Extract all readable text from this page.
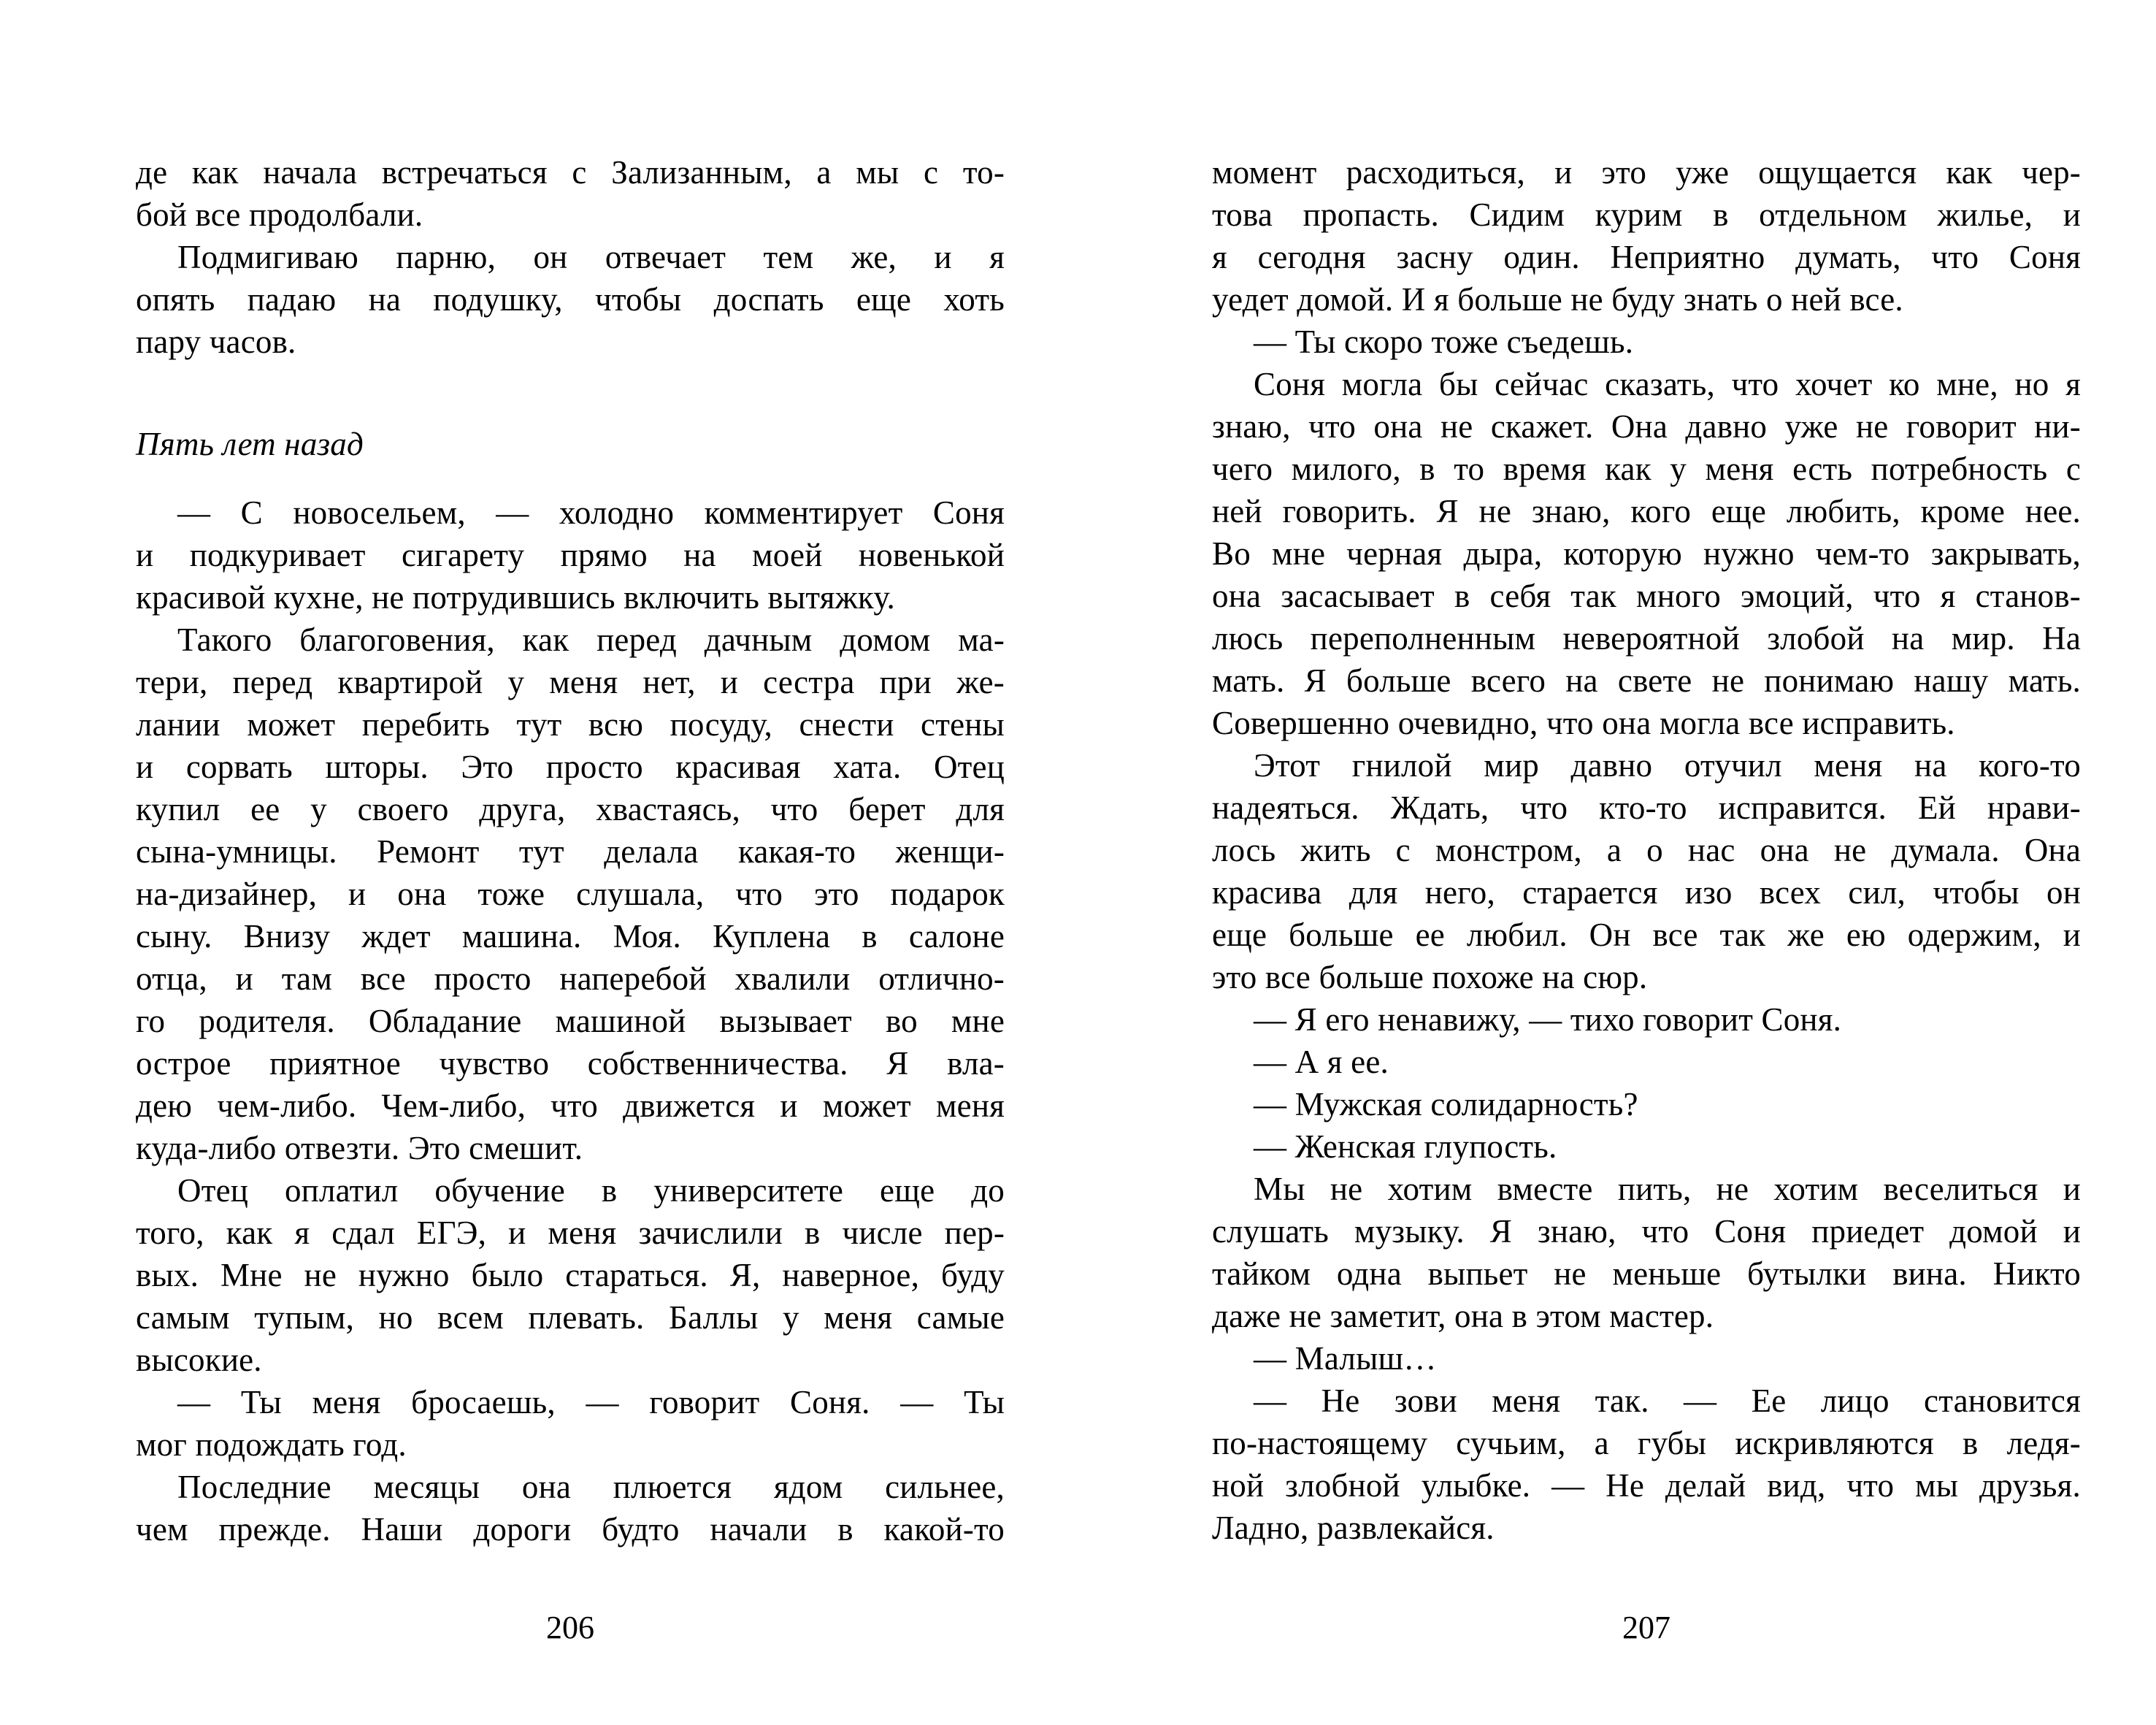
де как начала встречаться с Зализанным, а мы с то-
бой все продолбали.
Подмигиваю парню, он отвечает тем же, и я
опять падаю на подушку, чтобы доспать еще хоть
пару часов.
Пять лет назад
— С новосельем, — холодно комментирует Соня
и подкуривает сигарету прямо на моей новенькой
красивой кухне, не потрудившись включить вытяжку.
Такого благоговения, как перед дачным домом ма-
тери, перед квартирой у меня нет, и сестра при же-
лании может перебить тут всю посуду, снести стены
и сорвать шторы. Это просто красивая хата. Отец
купил ее у своего друга, хвастаясь, что берет для
сына-умницы. Ремонт тут делала какая-то женщи-
на-дизайнер, и она тоже слушала, что это подарок
сыну. Внизу ждет машина. Моя. Куплена в салоне
отца, и там все просто наперебой хвалили отлично-
го родителя. Обладание машиной вызывает во мне
острое приятное чувство собственничества. Я вла-
дею чем-либо. Чем-либо, что движется и может меня
куда-либо отвезти. Это смешит.
Отец оплатил обучение в университете еще до
того, как я сдал ЕГЭ, и меня зачислили в числе пер-
вых. Мне не нужно было стараться. Я, наверное, буду
самым тупым, но всем плевать. Баллы у меня самые
высокие.
— Ты меня бросаешь, — говорит Соня. — Ты
мог подождать год.
Последние месяцы она плюется ядом сильнее,
чем прежде. Наши дороги будто начали в какой-то
момент расходиться, и это уже ощущается как чер-
това пропасть. Сидим курим в отдельном жилье, и
я сегодня засну один. Неприятно думать, что Соня
уедет домой. И я больше не буду знать о ней все.
— Ты скоро тоже съедешь.
Соня могла бы сейчас сказать, что хочет ко мне, но я
знаю, что она не скажет. Она давно уже не говорит ни-
чего милого, в то время как у меня есть потребность с
ней говорить. Я не знаю, кого еще любить, кроме нее.
Во мне черная дыра, которую нужно чем-то закрывать,
она засасывает в себя так много эмоций, что я станов-
люсь переполненным невероятной злобой на мир. На
мать. Я больше всего на свете не понимаю нашу мать.
Совершенно очевидно, что она могла все исправить.
Этот гнилой мир давно отучил меня на кого-то
надеяться. Ждать, что кто-то исправится. Ей нрави-
лось жить с монстром, а о нас она не думала. Она
красива для него, старается изо всех сил, чтобы он
еще больше ее любил. Он все так же ею одержим, и
это все больше похоже на сюр.
— Я его ненавижу, — тихо говорит Соня.
— А я ее.
— Мужская солидарность?
— Женская глупость.
Мы не хотим вместе пить, не хотим веселиться и
слушать музыку. Я знаю, что Соня приедет домой и
тайком одна выпьет не меньше бутылки вина. Никто
даже не заметит, она в этом мастер.
— Малыш…
— Не зови меня так. — Ее лицо становится
по-настоящему сучьим, а губы искривляются в ледя-
ной злобной улыбке. — Не делай вид, что мы друзья.
Ладно, развлекайся.
206	207
